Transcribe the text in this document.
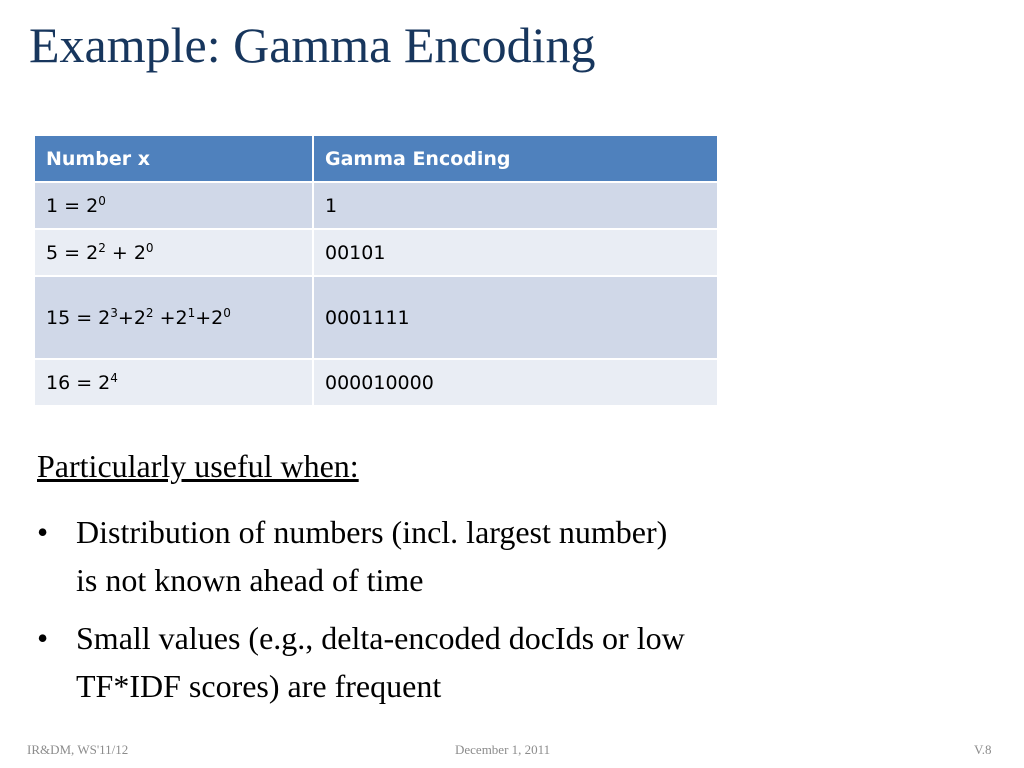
Example: Gamma Encoding
Number x	Gamma Encoding
$1 = 2^0$	1
$5 = 2^2 + 2^0$	00101
$15 = 2^3+2^2 +2^1+2^0$	0001111
$16 = 2^4$	000010000
Particularly useful when:
• Distribution of numbers (incl. largest number)
is not known ahead of time
• Small values (e.g., delta-encoded docIds or low
TF*IDF scores) are frequent
IR&DM, WS'11/12	December 1, 2011	V.8
